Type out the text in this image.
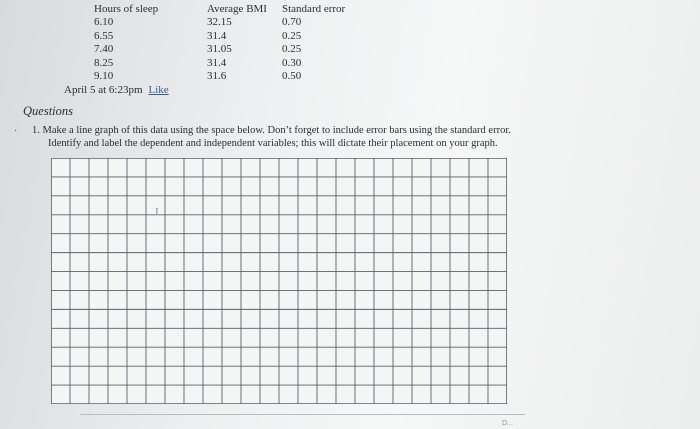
Hours of sleep
6.10
6.55
7.40
8.25
9.10
Average BMI
32.15
31.4
31.05
31.4
31.6
Standard error
0.70
0.25
0.25
0.30
0.50
April 5 at 6:23pm Like
Questions
· 1. Make a line graph of this data using the space below. Don’t forget to include error bars using the standard error.
Identify and label the dependent and independent variables; this will dictate their placement on your graph.
I
D...
